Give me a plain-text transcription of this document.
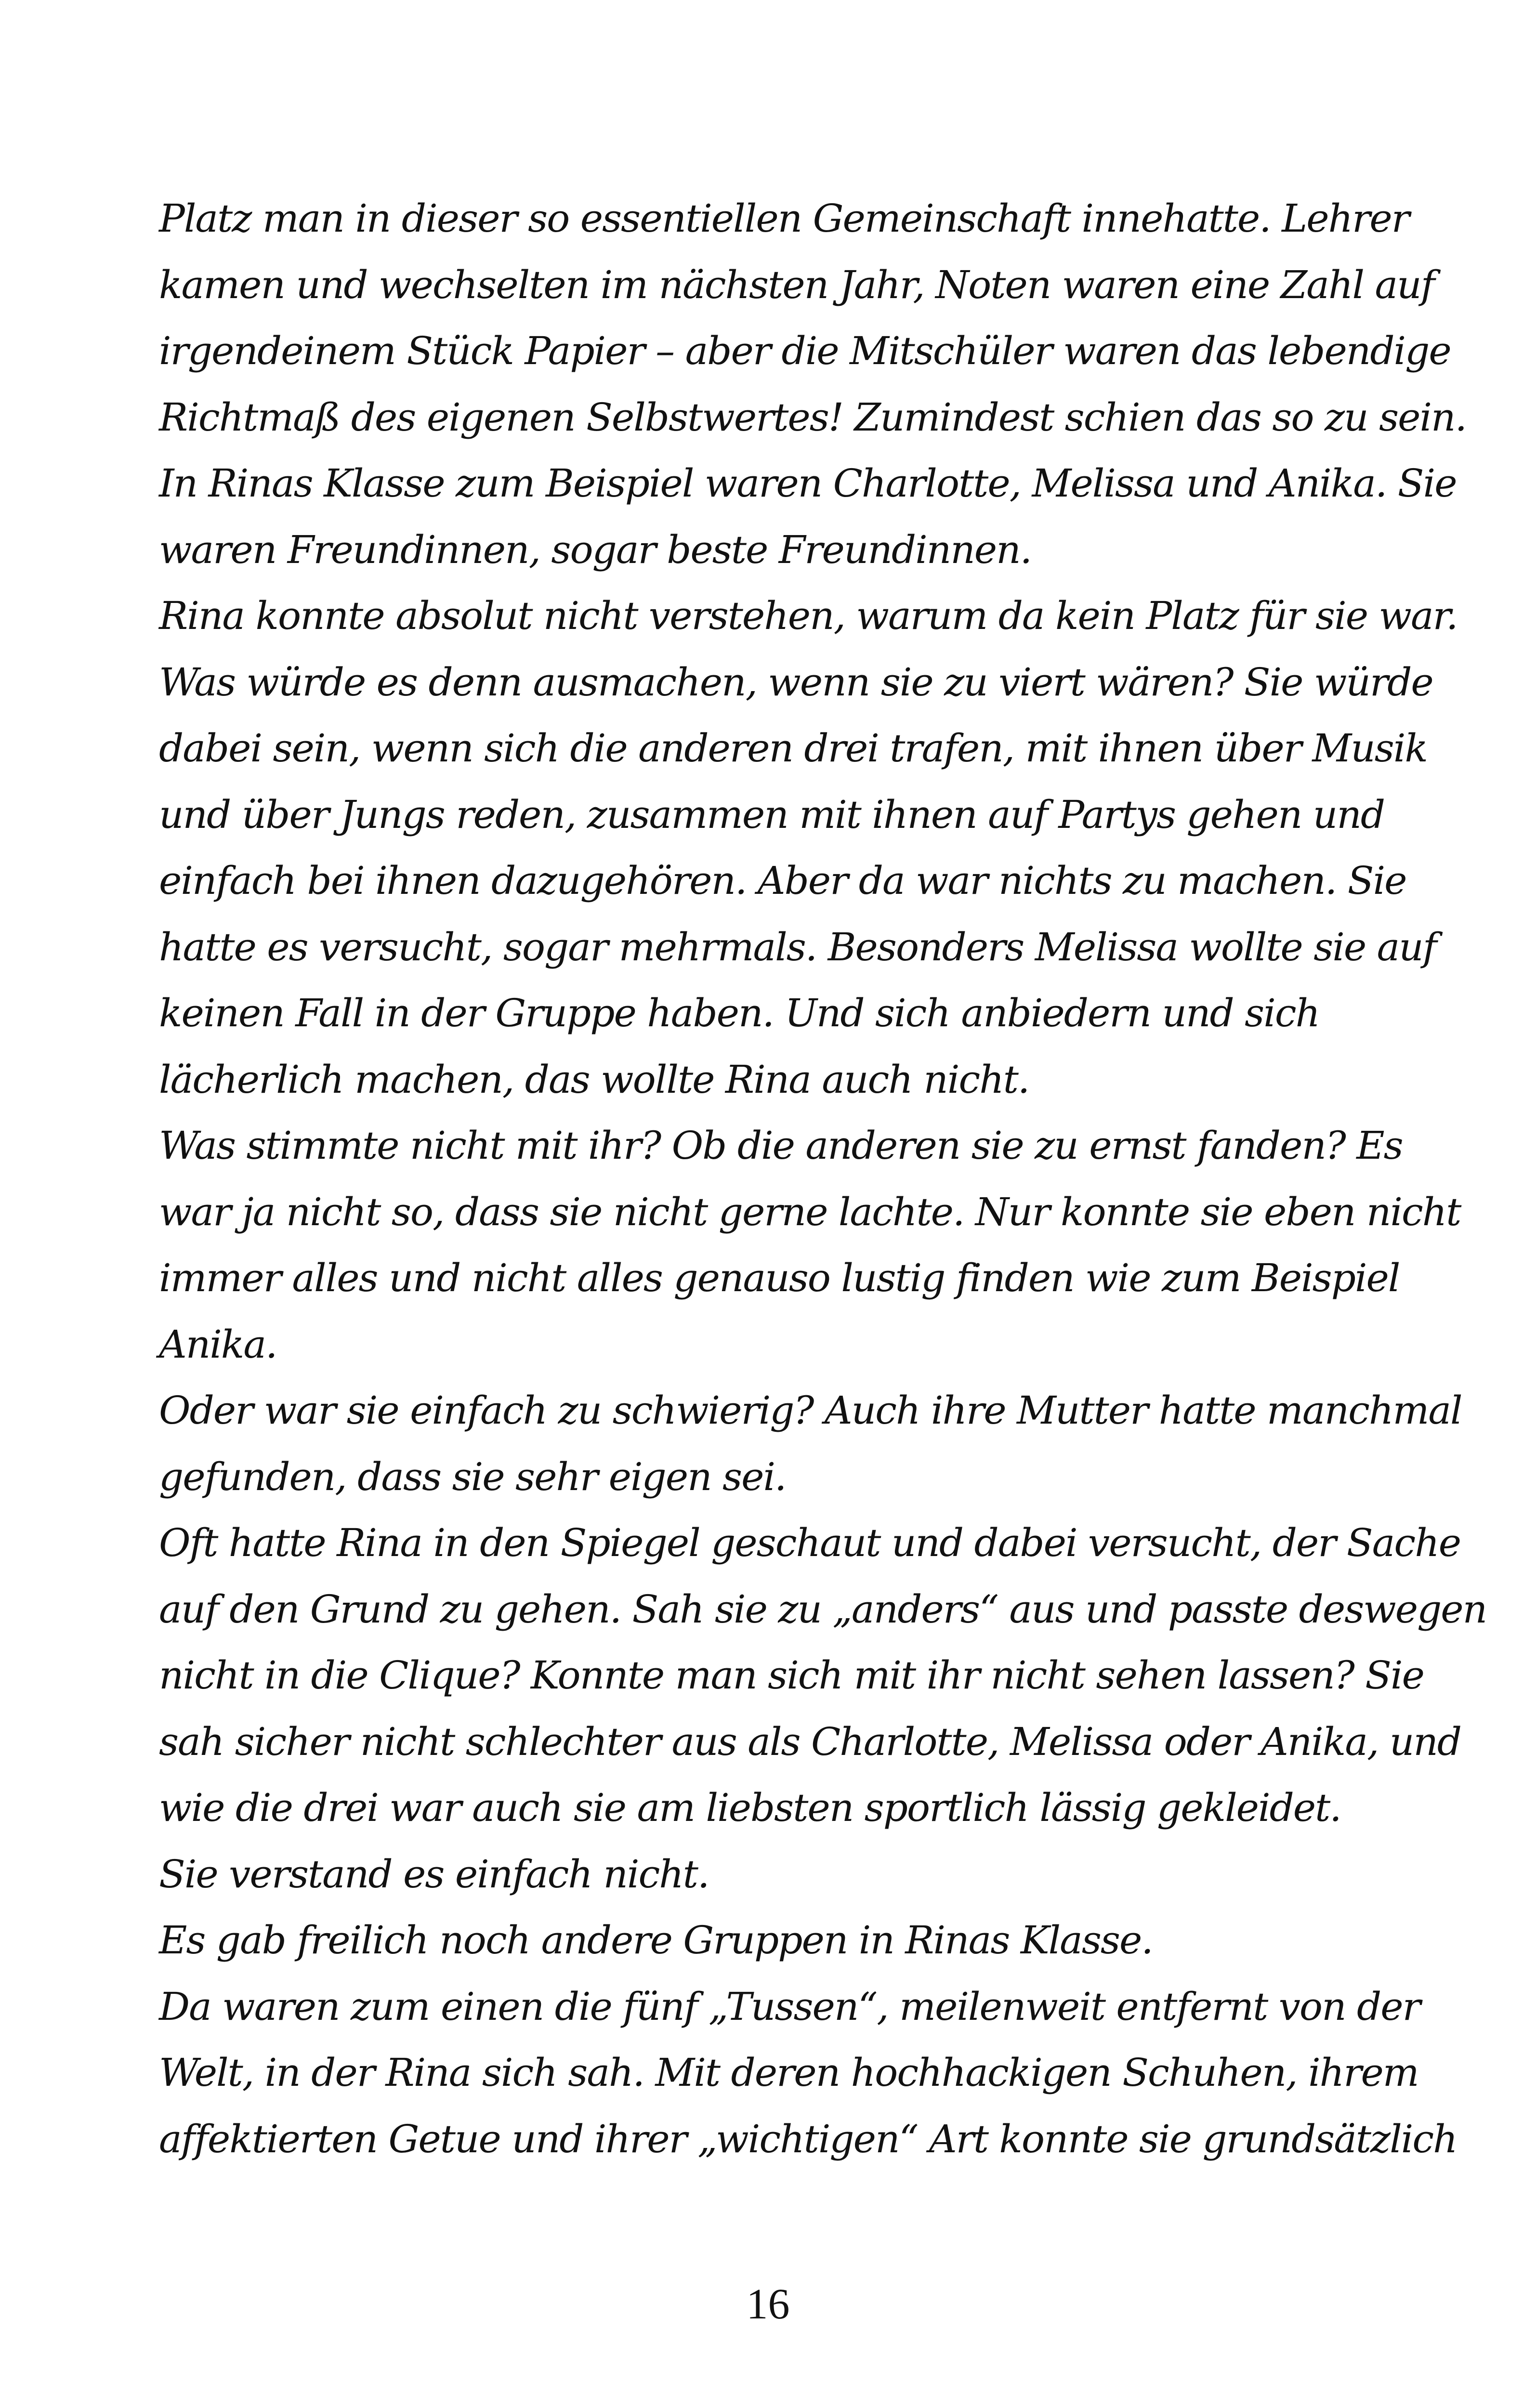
Platz man in dieser so essentiellen Gemeinschaft innehatte. Lehrer
kamen und wechselten im nächsten Jahr, Noten waren eine Zahl auf
irgendeinem Stück Papier – aber die Mitschüler waren das lebendige
Richtmaß des eigenen Selbstwertes! Zumindest schien das so zu sein.
In Rinas Klasse zum Beispiel waren Charlotte, Melissa und Anika. Sie
waren Freundinnen, sogar beste Freundinnen.
Rina konnte absolut nicht verstehen, warum da kein Platz für sie war.
Was würde es denn ausmachen, wenn sie zu viert wären? Sie würde
dabei sein, wenn sich die anderen drei trafen, mit ihnen über Musik
und über Jungs reden, zusammen mit ihnen auf Partys gehen und
einfach bei ihnen dazugehören. Aber da war nichts zu machen. Sie
hatte es versucht, sogar mehrmals. Besonders Melissa wollte sie auf
keinen Fall in der Gruppe haben. Und sich anbiedern und sich
lächerlich machen, das wollte Rina auch nicht.
Was stimmte nicht mit ihr? Ob die anderen sie zu ernst fanden? Es
war ja nicht so, dass sie nicht gerne lachte. Nur konnte sie eben nicht
immer alles und nicht alles genauso lustig finden wie zum Beispiel
Anika.
Oder war sie einfach zu schwierig? Auch ihre Mutter hatte manchmal
gefunden, dass sie sehr eigen sei.
Oft hatte Rina in den Spiegel geschaut und dabei versucht, der Sache
auf den Grund zu gehen. Sah sie zu „anders“ aus und passte deswegen
nicht in die Clique? Konnte man sich mit ihr nicht sehen lassen? Sie
sah sicher nicht schlechter aus als Charlotte, Melissa oder Anika, und
wie die drei war auch sie am liebsten sportlich lässig gekleidet.
Sie verstand es einfach nicht.
Es gab freilich noch andere Gruppen in Rinas Klasse.
Da waren zum einen die fünf „Tussen“, meilenweit entfernt von der
Welt, in der Rina sich sah. Mit deren hochhackigen Schuhen, ihrem
affektierten Getue und ihrer „wichtigen“ Art konnte sie grundsätzlich
16
